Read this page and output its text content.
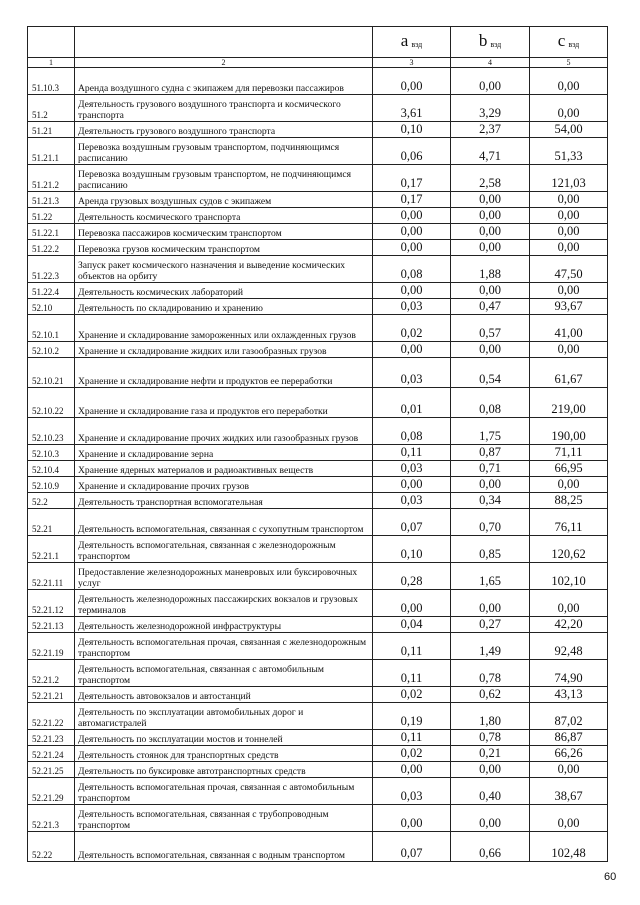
		a $_{вэд}$	b $_{вэд}$	c $_{вэд}$
1	2	3	4	5
51.10.3	Аренда воздушного судна с экипажем для перевозки пассажиров	0,00	0,00	0,00
51.2	Деятельность грузового воздушного транспорта и космического транспорта	3,61	3,29	0,00
51.21	Деятельность грузового воздушного транспорта	0,10	2,37	54,00
51.21.1	Перевозка воздушным грузовым транспортом, подчиняющимся расписанию	0,06	4,71	51,33
51.21.2	Перевозка воздушным грузовым транспортом, не подчиняющимся расписанию	0,17	2,58	121,03
51.21.3	Аренда грузовых воздушных судов с экипажем	0,17	0,00	0,00
51.22	Деятельность космического транспорта	0,00	0,00	0,00
51.22.1	Перевозка пассажиров космическим транспортом	0,00	0,00	0,00
51.22.2	Перевозка грузов космическим транспортом	0,00	0,00	0,00
51.22.3	Запуск ракет космического назначения и выведение космических объектов на орбиту	0,08	1,88	47,50
51.22.4	Деятельность космических лабораторий	0,00	0,00	0,00
52.10	Деятельность по складированию и хранению	0,03	0,47	93,67
52.10.1	Хранение и складирование замороженных или охлажденных грузов	0,02	0,57	41,00
52.10.2	Хранение и складирование жидких или газообразных грузов	0,00	0,00	0,00
52.10.21	Хранение и складирование нефти и продуктов ее переработки	0,03	0,54	61,67
52.10.22	Хранение и складирование газа и продуктов его переработки	0,01	0,08	219,00
52.10.23	Хранение и складирование прочих жидких или газообразных грузов	0,08	1,75	190,00
52.10.3	Хранение и складирование зерна	0,11	0,87	71,11
52.10.4	Хранение ядерных материалов и радиоактивных веществ	0,03	0,71	66,95
52.10.9	Хранение и складирование прочих грузов	0,00	0,00	0,00
52.2	Деятельность транспортная вспомогательная	0,03	0,34	88,25
52.21	Деятельность вспомогательная, связанная с сухопутным транспортом	0,07	0,70	76,11
52.21.1	Деятельность вспомогательная, связанная с железнодорожным транспортом	0,10	0,85	120,62
52.21.11	Предоставление железнодорожных маневровых или буксировочных услуг	0,28	1,65	102,10
52.21.12	Деятельность железнодорожных пассажирских вокзалов и грузовых терминалов	0,00	0,00	0,00
52.21.13	Деятельность железнодорожной инфраструктуры	0,04	0,27	42,20
52.21.19	Деятельность вспомогательная прочая, связанная с железнодорожным транспортом	0,11	1,49	92,48
52.21.2	Деятельность вспомогательная, связанная с автомобильным транспортом	0,11	0,78	74,90
52.21.21	Деятельность автовокзалов и автостанций	0,02	0,62	43,13
52.21.22	Деятельность по эксплуатации автомобильных дорог и автомагистралей	0,19	1,80	87,02
52.21.23	Деятельность по эксплуатации мостов и тоннелей	0,11	0,78	86,87
52.21.24	Деятельность стоянок для транспортных средств	0,02	0,21	66,26
52.21.25	Деятельность по буксировке автотранспортных средств	0,00	0,00	0,00
52.21.29	Деятельность вспомогательная прочая, связанная с автомобильным транспортом	0,03	0,40	38,67
52.21.3	Деятельность вспомогательная, связанная с трубопроводным транспортом	0,00	0,00	0,00
52.22	Деятельность вспомогательная, связанная с водным транспортом	0,07	0,66	102,48
60
